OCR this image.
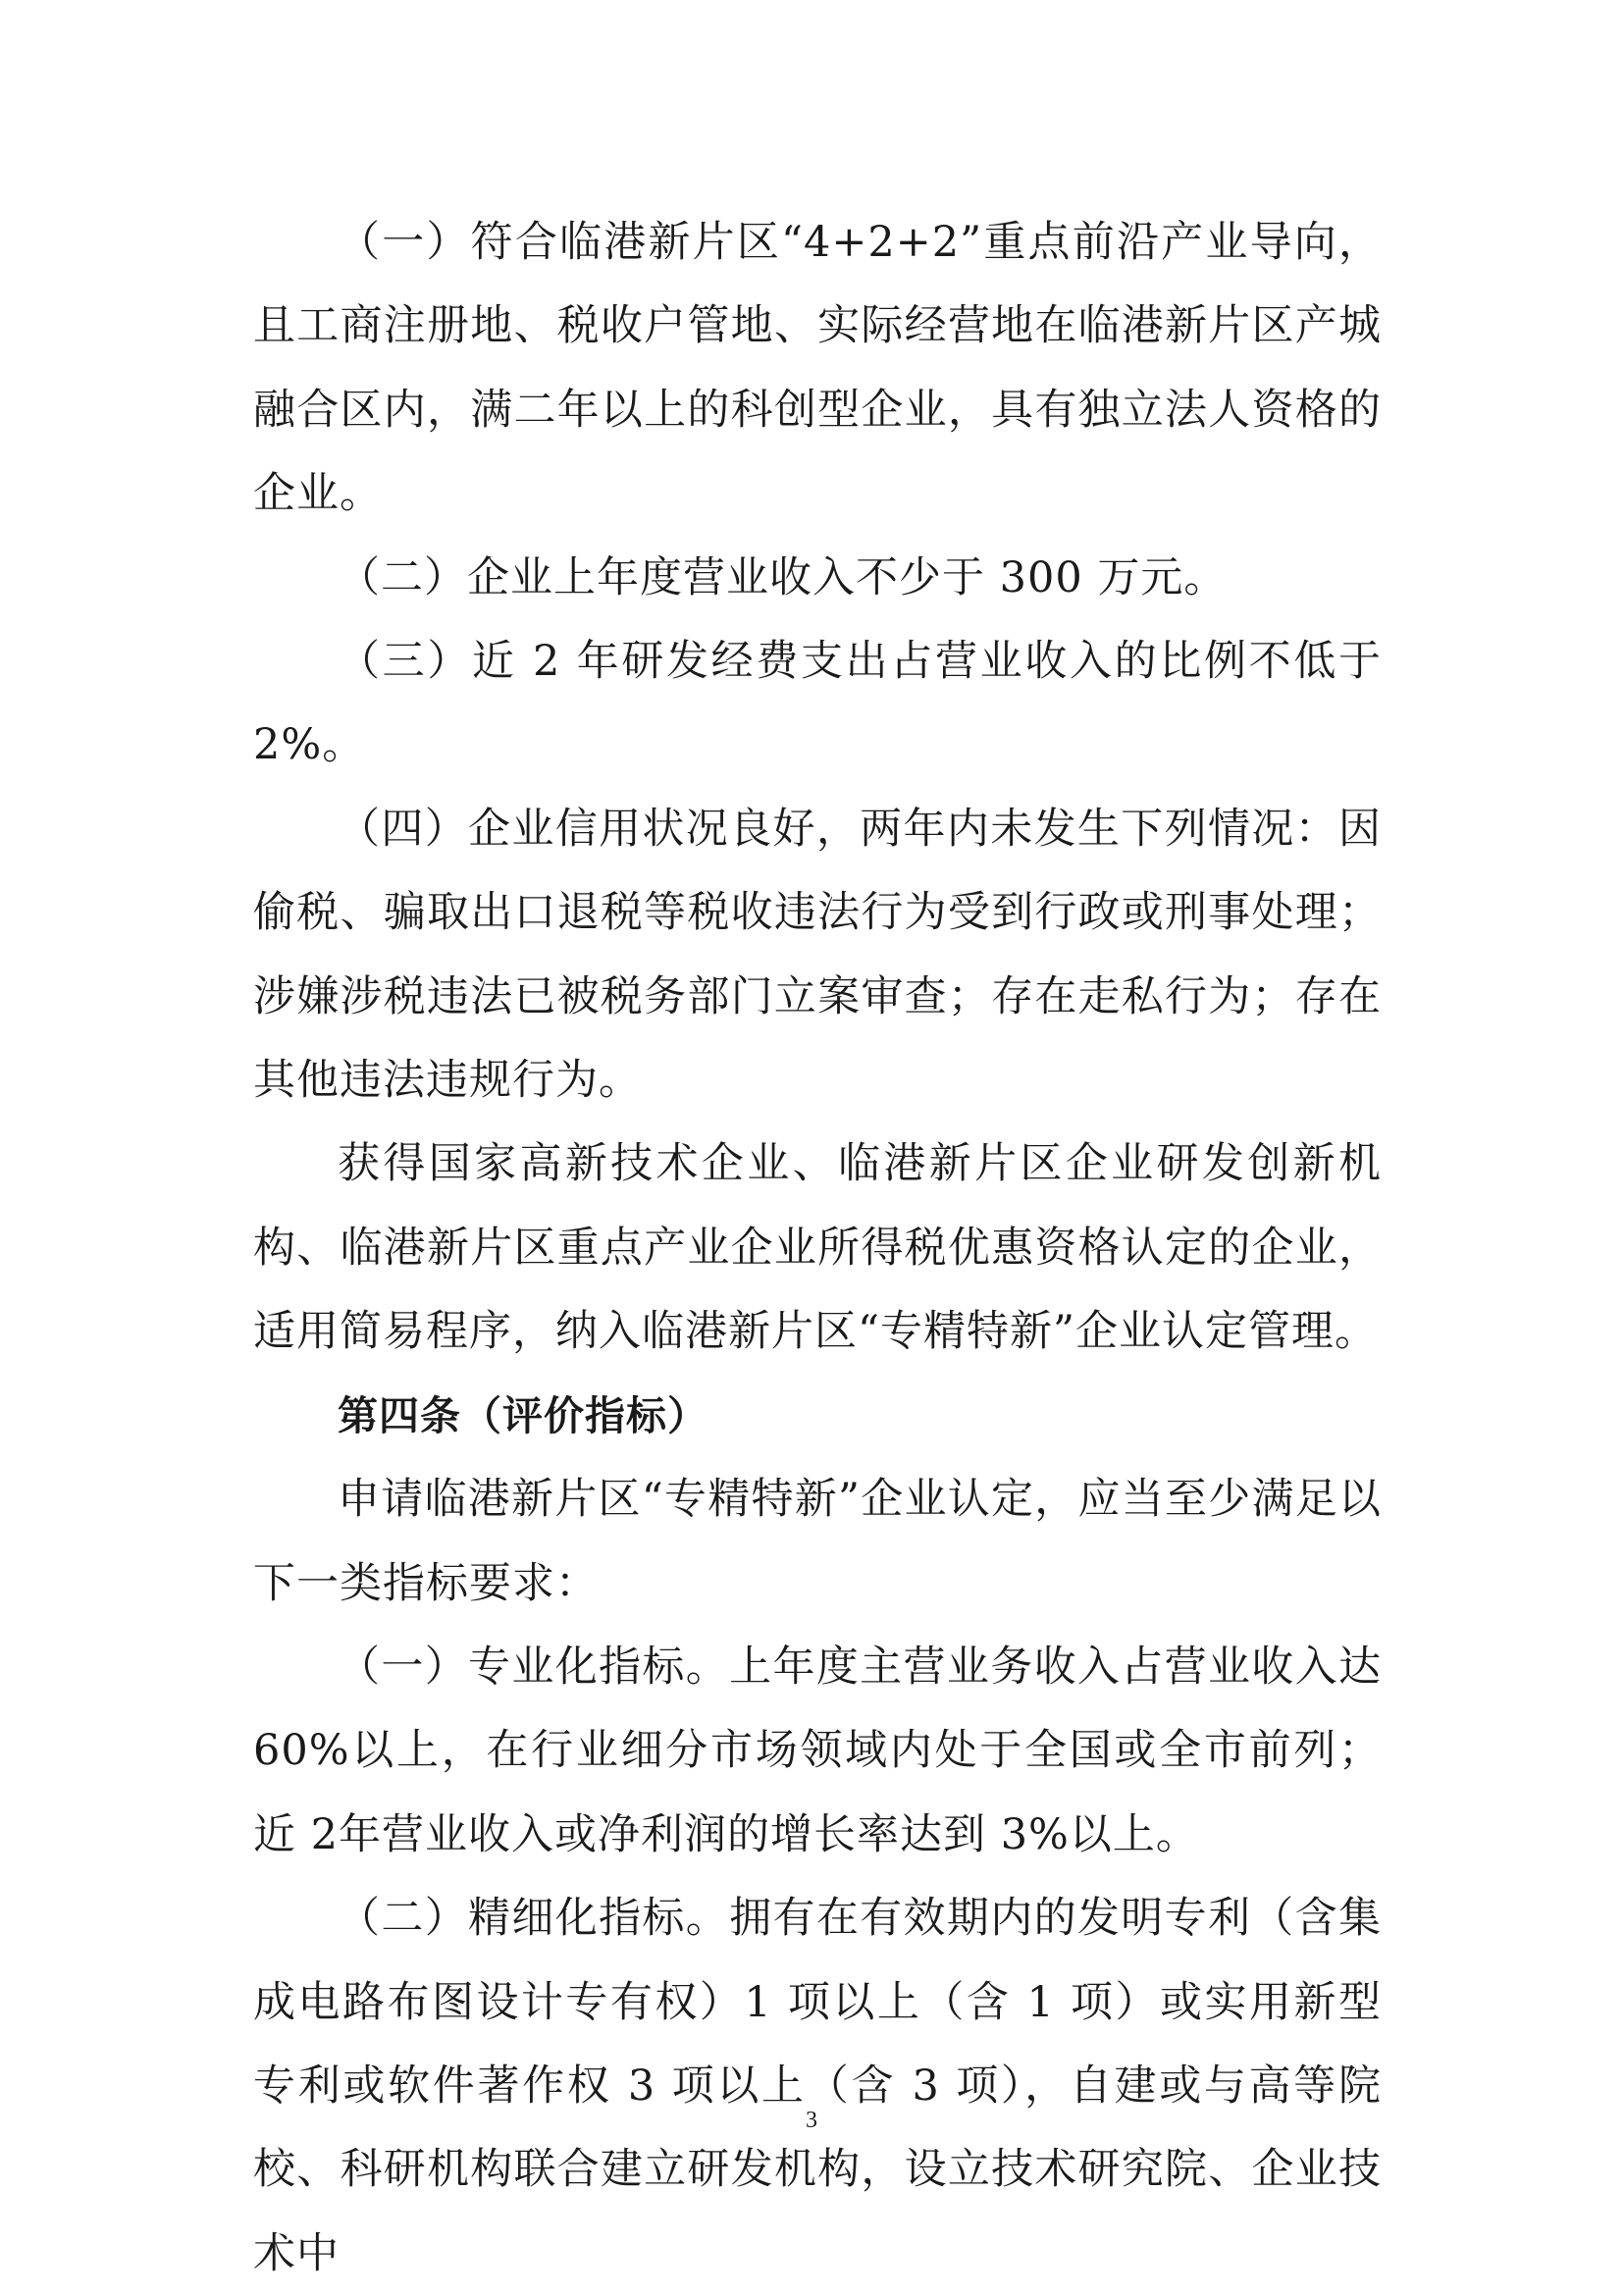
（一）符合临港新片区“4+2+2”重点前沿产业导向，且工商注册地、税收户管地、实际经营地在临港新片区产城融合区内，满二年以上的科创型企业，具有独立法人资格的企业。

（二）企业上年度营业收入不少于 300 万元。

（三）近 2 年研发经费支出占营业收入的比例不低于 2%。

（四）企业信用状况良好，两年内未发生下列情况：因偷税、骗取出口退税等税收违法行为受到行政或刑事处理；涉嫌涉税违法已被税务部门立案审查；存在走私行为；存在其他违法违规行为。

获得国家高新技术企业、临港新片区企业研发创新机构、临港新片区重点产业企业所得税优惠资格认定的企业，适用简易程序，纳入临港新片区“专精特新”企业认定管理。

第四条（评价指标）

申请临港新片区“专精特新”企业认定，应当至少满足以下一类指标要求：

（一）专业化指标。上年度主营业务收入占营业收入达60%以上，在行业细分市场领域内处于全国或全市前列；近 2年营业收入或净利润的增长率达到 3%以上。

（二）精细化指标。拥有在有效期内的发明专利（含集成电路布图设计专有权）1 项以上（含 1 项）或实用新型专利或软件著作权 3 项以上（含 3 项），自建或与高等院校、科研机构联合建立研发机构，设立技术研究院、企业技术中

3
